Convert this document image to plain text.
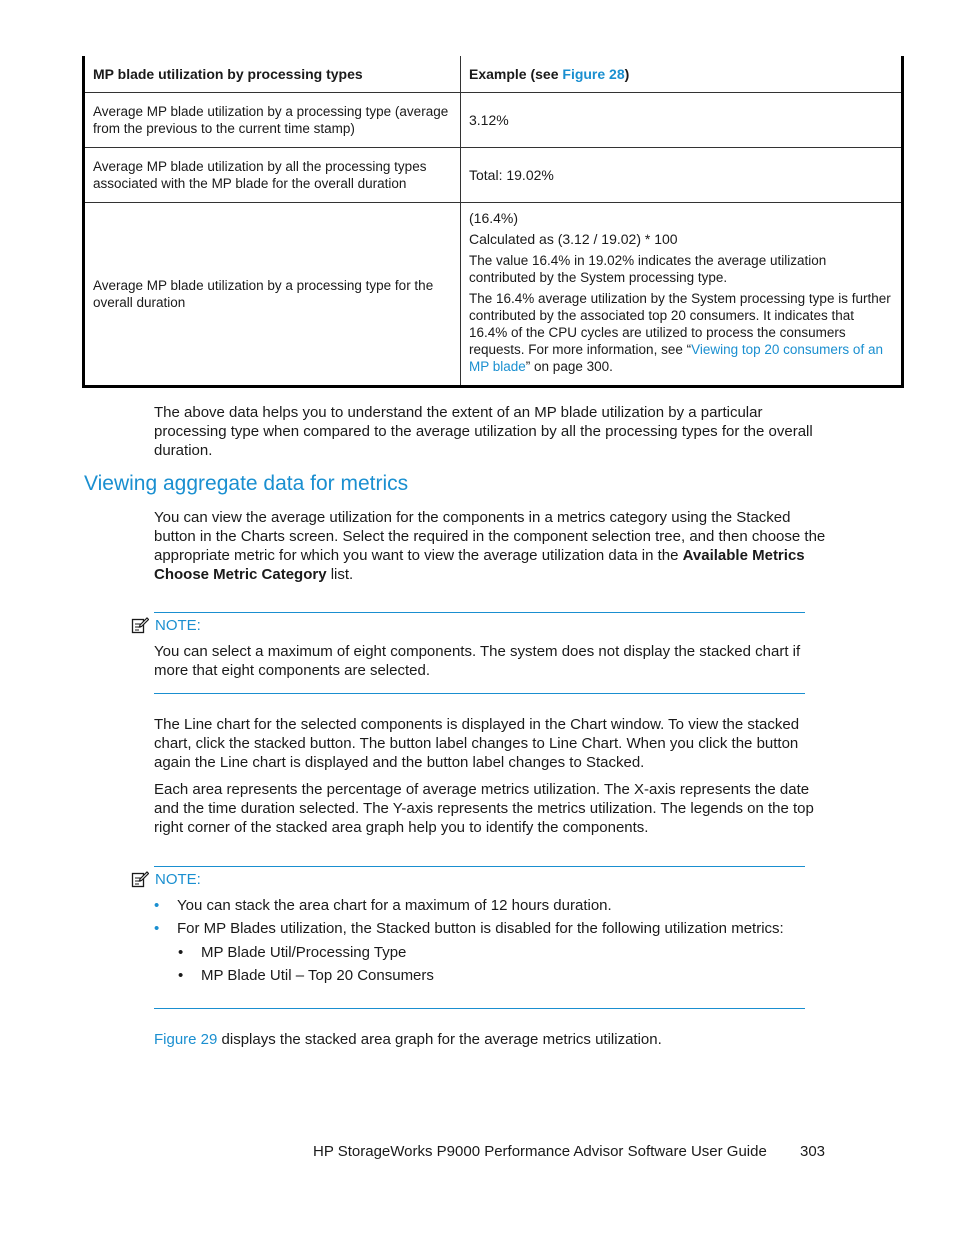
MP blade utilization by processing types	Example (see Figure 28)
Average MP blade utilization by a processing type (average from the previous to the current time stamp)
3.12%
Average MP blade utilization by all the processing types associated with the MP blade for the overall duration
Total: 19.02%
Average MP blade utilization by a processing type for the overall duration

(16.4%)

Calculated as (3.12 / 19.02) * 100

The value 16.4% in 19.02% indicates the average utilization contributed by the System processing type.

The 16.4% average utilization by the System processing type is further contributed by the associated top 20 consumers. It indicates that 16.4% of the CPU cycles are utilized to process the consumers requests. For more information, see “Viewing top 20 consumers of an MP blade” on page 300.

The above data helps you to understand the extent of an MP blade utilization by a particular processing type when compared to the average utilization by all the processing types for the overall duration.

Viewing aggregate data for metrics

You can view the average utilization for the components in a metrics category using the Stacked button in the Charts screen. Select the required in the component selection tree, and then choose the appropriate metric for which you want to view the average utilization data in the Available Metrics Choose Metric Category list.

NOTE:

You can select a maximum of eight components. The system does not display the stacked chart if more that eight components are selected.

The Line chart for the selected components is displayed in the Chart window. To view the stacked chart, click the stacked button. The button label changes to Line Chart. When you click the button again the Line chart is displayed and the button label changes to Stacked.

Each area represents the percentage of average metrics utilization. The X-axis represents the date and the time duration selected. The Y-axis represents the metrics utilization. The legends on the top right corner of the stacked area graph help you to identify the components.

NOTE:
• You can stack the area chart for a maximum of 12 hours duration.
• For MP Blades utilization, the Stacked button is disabled for the following utilization metrics:
• MP Blade Util/Processing Type
• MP Blade Util – Top 20 Consumers

Figure 29 displays the stacked area graph for the average metrics utilization.

HP StorageWorks P9000 Performance Advisor Software User Guide 303
